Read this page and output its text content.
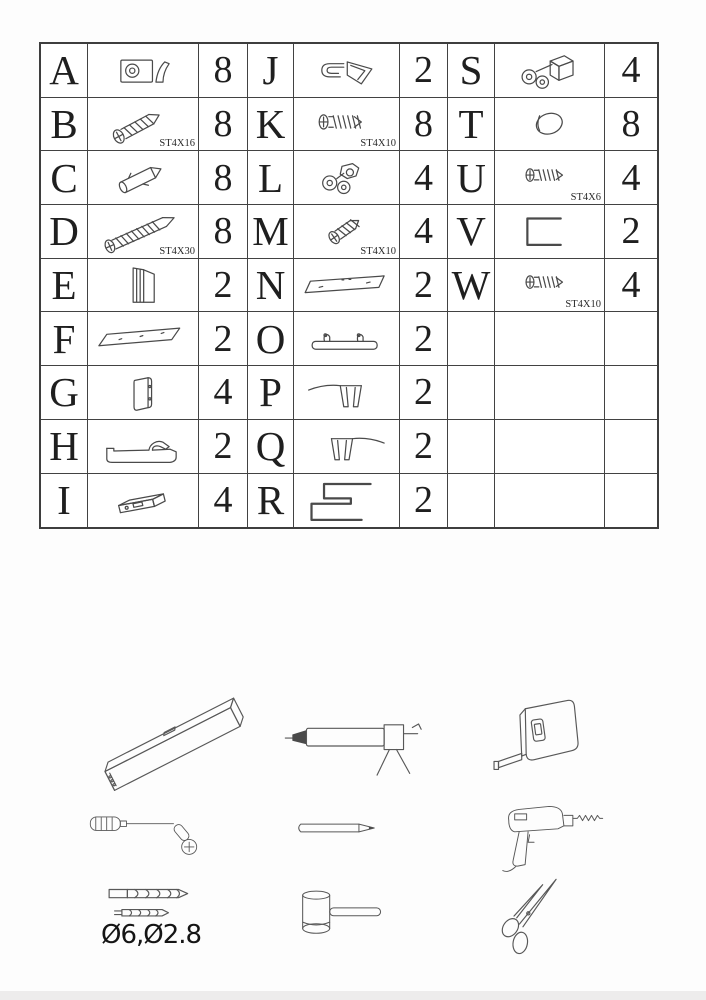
A	8 J	2 S	4
B	ST4X16 8 K	ST4X10 8 T	8
C	8 L	4 U	ST4X6 4
D	ST4X30 8 M	ST4X10 4 V	2
E	2 N	2 W	ST4X10 4
F	2 O	2
G	4 P	2
H	2 Q	2
I	4 R	2
Ø6,Ø2.8
